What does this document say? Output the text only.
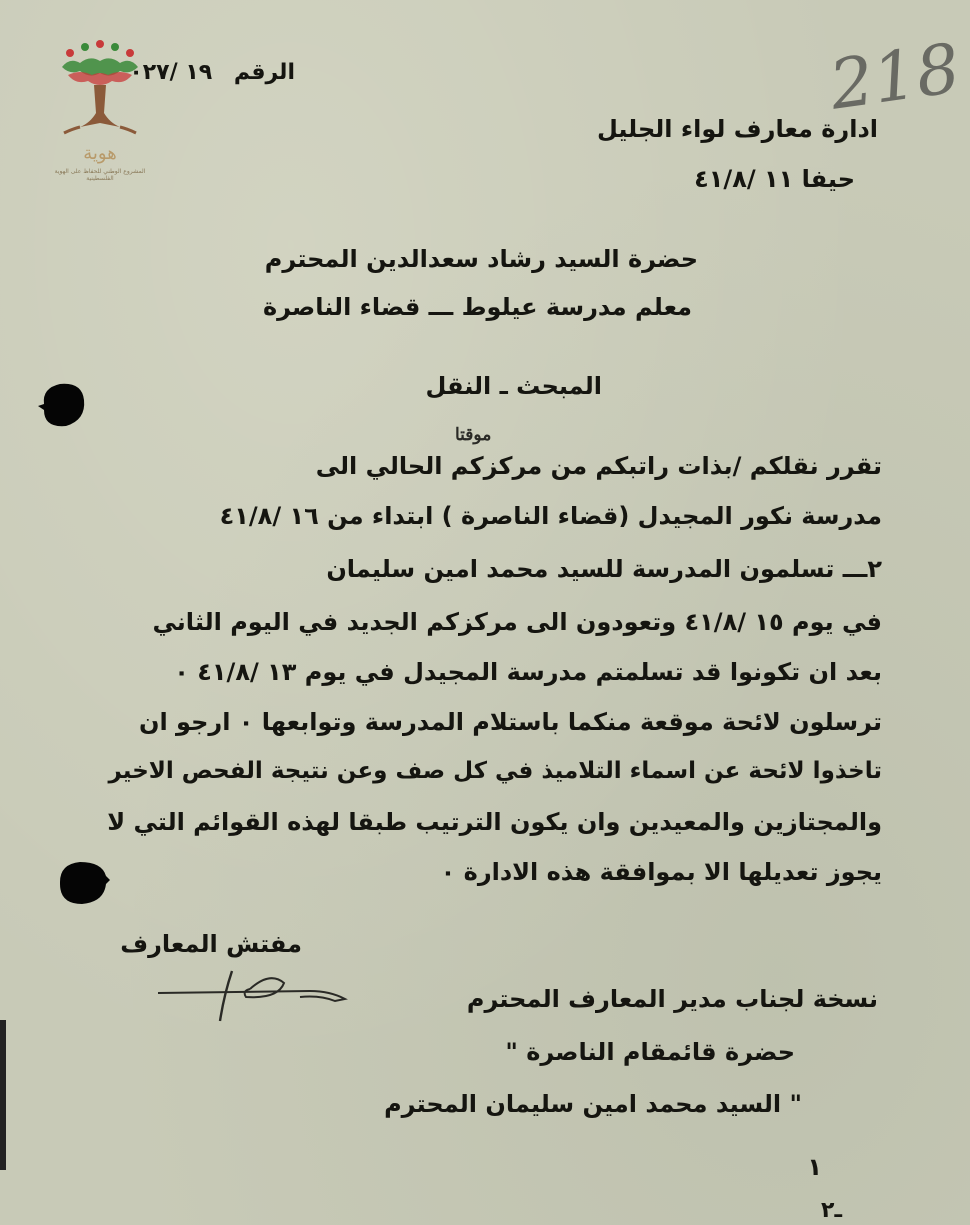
هوية
المشروع الوطني للحفاظ على الهوية الفلسطينية
الرقم ١٩ /٠٢٧	218
ادارة معارف لواء الجليل
حيفا ١١ /٤١/٨
حضرة السيد رشاد سعدالدين المحترم
معلم مدرسة عيلوط ـــ قضاء الناصرة
المبحث ـ النقل
موقتا
تقرر نقلكم /بذات راتبكم من مركزكم الحالي الى
مدرسة نكور المجيدل (قضاء الناصرة ) ابتداء من ١٦ /٤١/٨
٢ـــ تسلمون المدرسة للسيد محمد امين سليمان
في يوم ١٥ /٤١/٨ وتعودون الى مركزكم الجديد في اليوم الثاني
بعد ان تكونوا قد تسلمتم مدرسة المجيدل في يوم ١٣ /٤١/٨ ٠
ترسلون لائحة موقعة منكما باستلام المدرسة وتوابعها ٠ ارجو ان
تاخذوا لائحة عن اسماء التلاميذ في كل صف وعن نتيجة الفحص الاخير
والمجتازين والمعيدين وان يكون الترتيب طبقا لهذه القوائم التي لا
يجوز تعديلها الا بموافقة هذه الادارة ٠
مفتش المعارف
نسخة لجناب مدير المعارف المحترم
حضرة قائمقام الناصرة "
" السيد محمد امين سليمان المحترم
١
ـ٢
